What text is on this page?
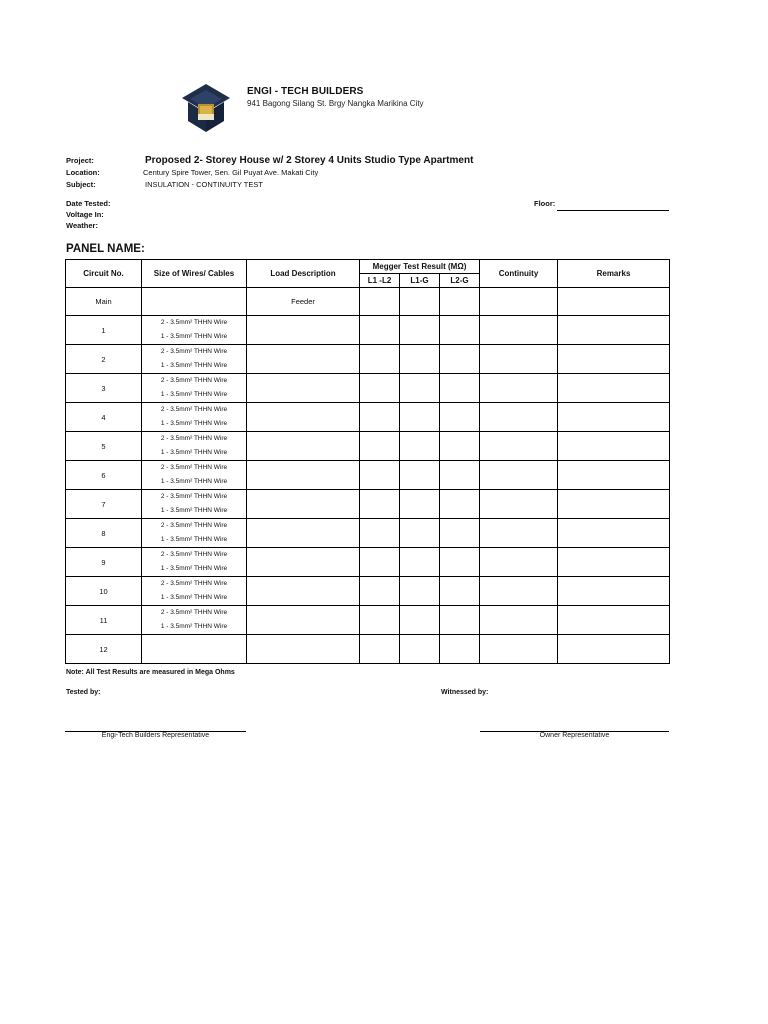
ENGI - TECH BUILDERS
941 Bagong Silang St. Brgy Nangka Marikina City
Project:	Proposed 2- Storey House w/ 2 Storey 4 Units Studio Type Apartment
Location:	Century Spire Tower, Sen. Gil Puyat Ave. Makati City
Subject:	INSULATION - CONTINUITY TEST
Date Tested:
Voltage In:
Weather:
Floor:
PANEL NAME:
Circuit No.	Size of Wires/ Cables	Load Description	Megger Test Result (MΩ)			Continuity	Remarks
			L1 -L2	L1-G	L2-G		
Main		Feeder					
1	2 - 3.5mm² THHN Wire
1 - 3.5mm² THHN Wire						

2	2 - 3.5mm² THHN Wire
1 - 3.5mm² THHN Wire						

3	2 - 3.5mm² THHN Wire
1 - 3.5mm² THHN Wire						

4	2 - 3.5mm² THHN Wire
1 - 3.5mm² THHN Wire						

5	2 - 3.5mm² THHN Wire
1 - 3.5mm² THHN Wire						

6	2 - 3.5mm² THHN Wire
1 - 3.5mm² THHN Wire						

7	2 - 3.5mm² THHN Wire
1 - 3.5mm² THHN Wire						

8	2 - 3.5mm² THHN Wire
1 - 3.5mm² THHN Wire						

9	2 - 3.5mm² THHN Wire
1 - 3.5mm² THHN Wire						

10	2 - 3.5mm² THHN Wire
1 - 3.5mm² THHN Wire						

11	2 - 3.5mm² THHN Wire
1 - 3.5mm² THHN Wire						

12							
Note: All Test Results are measured in Mega Ohms
Tested by:	Witnessed by:
Engi-Tech Builders Representative	Owner Representative
